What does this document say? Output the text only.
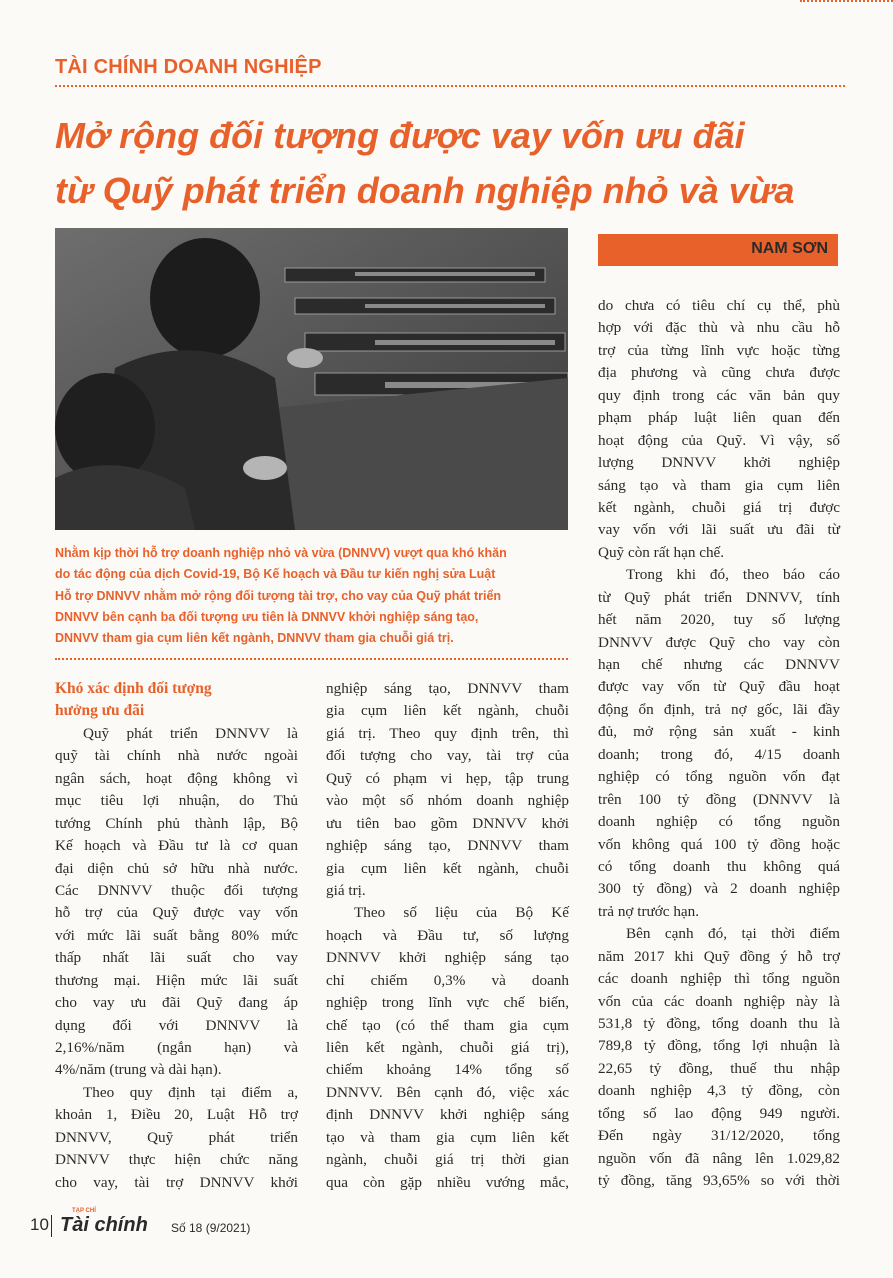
TÀI CHÍNH DOANH NGHIỆP
Mở rộng đối tượng được vay vốn ưu đãi
từ Quỹ phát triển doanh nghiệp nhỏ và vừa
NAM SƠN

Nhằm kịp thời hỗ trợ doanh nghiệp nhỏ và vừa (DNNVV) vượt qua khó khăn
do tác động của dịch Covid-19, Bộ Kế hoạch và Đầu tư kiến nghị sửa Luật
Hỗ trợ DNNVV nhằm mở rộng đối tượng tài trợ, cho vay của Quỹ phát triển
DNNVV bên cạnh ba đối tượng ưu tiên là DNNVV khởi nghiệp sáng tạo,
DNNVV tham gia cụm liên kết ngành, DNNVV tham gia chuỗi giá trị.

Khó xác định đối tượng
hưởng ưu đãi
Quỹ phát triển DNNVV là
quỹ tài chính nhà nước ngoài
ngân sách, hoạt động không vì
mục tiêu lợi nhuận, do Thủ
tướng Chính phủ thành lập, Bộ
Kế hoạch và Đầu tư là cơ quan
đại diện chủ sở hữu nhà nước.
Các DNNVV thuộc đối tượng
hỗ trợ của Quỹ được vay vốn
với mức lãi suất bằng 80% mức
thấp nhất lãi suất cho vay
thương mại. Hiện mức lãi suất
cho vay ưu đãi Quỹ đang áp
dụng đối với DNNVV là
2,16%/năm (ngắn hạn) và
4%/năm (trung và dài hạn).
Theo quy định tại điểm a,
khoản 1, Điều 20, Luật Hỗ trợ
DNNVV, Quỹ phát triển
DNNVV thực hiện chức năng
cho vay, tài trợ DNNVV khởi
nghiệp sáng tạo, DNNVV tham
gia cụm liên kết ngành, chuỗi
giá trị. Theo quy định trên, thì
đối tượng cho vay, tài trợ của
Quỹ có phạm vi hẹp, tập trung
vào một số nhóm doanh nghiệp
ưu tiên bao gồm DNNVV khởi
nghiệp sáng tạo, DNNVV tham
gia cụm liên kết ngành, chuỗi
giá trị.
Theo số liệu của Bộ Kế
hoạch và Đầu tư, số lượng
DNNVV khởi nghiệp sáng tạo
chỉ chiếm 0,3% và doanh
nghiệp trong lĩnh vực chế biến,
chế tạo (có thể tham gia cụm
liên kết ngành, chuỗi giá trị),
chiếm khoảng 14% tổng số
DNNVV. Bên cạnh đó, việc xác
định DNNVV khởi nghiệp sáng
tạo và tham gia cụm liên kết
ngành, chuỗi giá trị thời gian
qua còn gặp nhiều vướng mắc,
do chưa có tiêu chí cụ thể, phù
hợp với đặc thù và nhu cầu hỗ
trợ của từng lĩnh vực hoặc từng
địa phương và cũng chưa được
quy định trong các văn bản quy
phạm pháp luật liên quan đến
hoạt động của Quỹ. Vì vậy, số
lượng DNNVV khởi nghiệp
sáng tạo và tham gia cụm liên
kết ngành, chuỗi giá trị được
vay vốn với lãi suất ưu đãi từ
Quỹ còn rất hạn chế.
Trong khi đó, theo báo cáo
từ Quỹ phát triển DNNVV, tính
hết năm 2020, tuy số lượng
DNNVV được Quỹ cho vay còn
hạn chế nhưng các DNNVV
được vay vốn từ Quỹ đầu hoạt
động ổn định, trả nợ gốc, lãi đầy
đủ, mở rộng sản xuất - kinh
doanh; trong đó, 4/15 doanh
nghiệp có tổng nguồn vốn đạt
trên 100 tỷ đồng (DNNVV là
doanh nghiệp có tổng nguồn
vốn không quá 100 tỷ đồng hoặc
có tổng doanh thu không quá
300 tỷ đồng) và 2 doanh nghiệp
trả nợ trước hạn.
Bên cạnh đó, tại thời điểm
năm 2017 khi Quỹ đồng ý hỗ trợ
các doanh nghiệp thì tổng nguồn
vốn của các doanh nghiệp này là
531,8 tỷ đồng, tổng doanh thu là
789,8 tỷ đồng, tổng lợi nhuận là
22,65 tỷ đồng, thuế thu nhập
doanh nghiệp 4,3 tỷ đồng, còn
tổng số lao động 949 người.
Đến ngày 31/12/2020, tổng
nguồn vốn đã nâng lên 1.029,82
tỷ đồng, tăng 93,65% so với thời
10
TẠP CHÍ
Tài chính Số 18 (9/2021)
